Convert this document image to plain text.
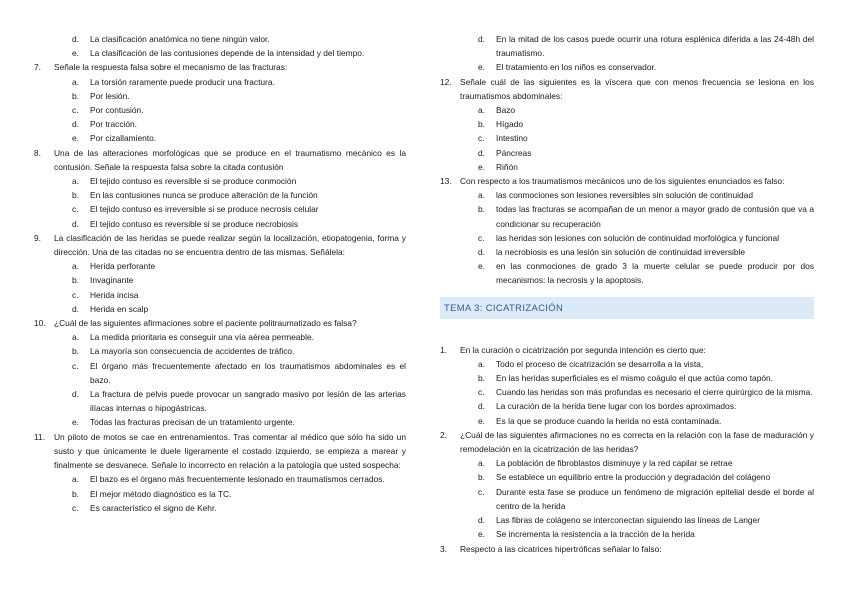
d.	La clasificación anatómica no tiene ningún valor.
e.	La clasificación de las contusiones depende de la intensidad y del tiempo.
7.	Señale la respuesta falsa sobre el mecanismo de las fracturas:
a.	La torsión raramente puede producir una fractura.
b.	Por lesión.
c.	Por contusión.
d.	Por tracción.
e.	Por cizallamiento.
8.	Una de las alteraciones morfológicas que se produce en el traumatismo mecánico es la contusión. Señale la respuesta falsa sobre la citada contusión
a.	El tejido contuso es reversible si se produce conmoción
b.	En las contusiones nunca se produce alteración de la función
c.	El tejido contuso es irreversible si se produce necrosis celular
d.	El tejido contuso es reversible si se produce necrobiosis
9.	La clasificación de las heridas se puede realizar según la localización, etiopatogenia, forma y dirección. Una de las citadas no se encuentra dentro de las mismas. Señálela:
a.	Herida perforante
b.	Invaginante
c.	Herida incisa
d.	Herida en scalp
10. ¿Cuál de las siguientes afirmaciones sobre el paciente politraumatizado es falsa?
a.	La medida prioritaria es conseguir una vía aérea permeable.
b.	La mayoría son consecuencia de accidentes de tráfico.
c.	El órgano más frecuentemente afectado en los traumatismos abdominales es el bazo.
d.	La fractura de pelvis puede provocar un sangrado masivo por lesión de las arterias ilíacas internas o hipogástricas.
e.	Todas las fracturas precisan de un tratamiento urgente.
11.	Un piloto de motos se cae en entrenamientos. Tras comentar al médico que sólo ha sido un susto y que únicamente le duele ligeramente el costado izquierdo, se empieza a marear y finalmente se desvanece. Señale lo incorrecto en relación a la patología que usted sospecha:
a.	El bazo es el órgano más frecuentemente lesionado en traumatismos cerrados.
b.	El mejor método diagnóstico es la TC.
c.	Es característico el signo de Kehr.
d.	En la mitad de los casos puede ocurrir una rotura esplénica diferida a las 24-48h del traumatismo.
e.	El tratamiento en los niños es conservador.
12. Señale cuál de las siguientes es la víscera que con menos frecuencia se lesiona en los traumatismos abdominales:
a.	Bazo
b.	Hígado
c.	Intestino
d.	Páncreas
e.	Riñón
13. Con respecto a los traumatismos mecánicos uno de los siguientes enunciados es falso:
a.	las conmociones son lesiones reversibles sin solución de continuidad
b.	todas las fracturas se acompañan de un menor a mayor grado de contusión que va a condicionar su recuperación
c.	las heridas son lesiones con solución de continuidad morfológica y funcional
d.	la necrobiosis es una lesión sin solución de continuidad irreversible
e.	en las conmociones de grado 3 la muerte celular se puede producir por dos mecanismos: la necrosis y la apoptosis.
TEMA 3: CICATRIZACIÓN
1.	En la curación o cicatrización por segunda intención es cierto que:
a.	Todo el proceso de cicatrización se desarrolla a la vista,
b.	En las heridas superficiales es el mismo coágulo el que actúa como tapón.
c.	Cuando las heridas son más profundas es necesario el cierre quirúrgico de la misma.
d.	La curación de la herida tiene lugar con los bordes aproximados.
e.	Es la que se produce cuando la herida no está contaminada.
2.	¿Cuál de las siguientes afirmaciones no es correcta en la relación con la fase de maduración y remodelación en la cicatrización de las heridas?
a.	La población de fibroblastos disminuye y la red capilar se retrae
b.	Se establece un equilibrio entre la producción y degradación del colágeno
c.	Durante esta fase se produce un fenómeno de migración epitelial desde el borde al centro de la herida
d.	Las fibras de colágeno se interconectan siguiendo las líneas de Langer
e.	Se incrementa la resistencia a la tracción de la herida
3.	Respecto a las cicatrices hipertróficas señalar lo falso:
